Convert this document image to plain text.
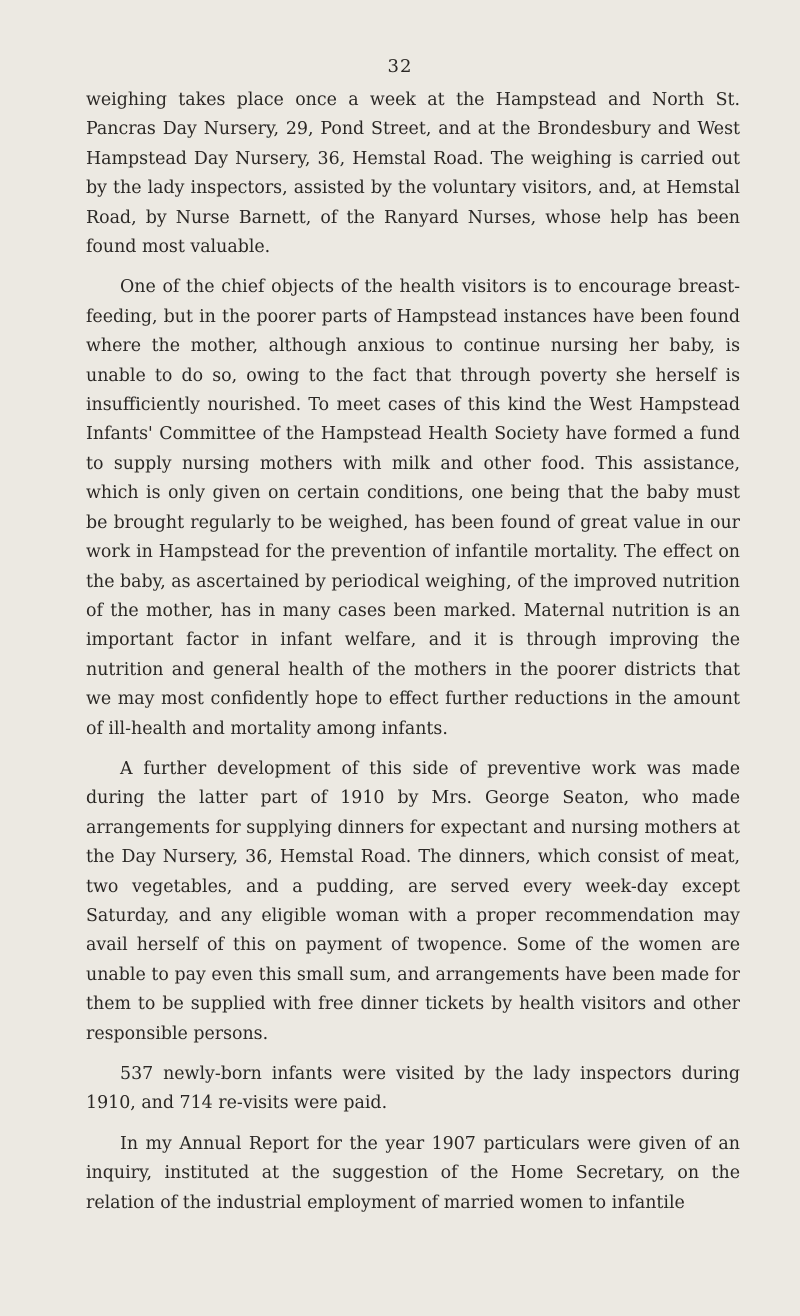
32

weighing takes place once a week at the Hampstead and North St. Pancras Day Nursery, 29, Pond Street, and at the Brondesbury and West Hampstead Day Nursery, 36, Hemstal Road. The weighing is carried out by the lady inspectors, assisted by the voluntary visitors, and, at Hemstal Road, by Nurse Barnett, of the Ranyard Nurses, whose help has been found most valuable.

One of the chief objects of the health visitors is to encourage breast-feeding, but in the poorer parts of Hampstead instances have been found where the mother, although anxious to continue nursing her baby, is unable to do so, owing to the fact that through poverty she herself is insufficiently nourished. To meet cases of this kind the West Hampstead Infants' Committee of the Hampstead Health Society have formed a fund to supply nursing mothers with milk and other food. This assistance, which is only given on certain conditions, one being that the baby must be brought regularly to be weighed, has been found of great value in our work in Hampstead for the prevention of infantile mortality. The effect on the baby, as ascertained by periodical weighing, of the improved nutrition of the mother, has in many cases been marked. Maternal nutrition is an important factor in infant welfare, and it is through improving the nutrition and general health of the mothers in the poorer districts that we may most confidently hope to effect further reductions in the amount of ill-health and mortality among infants.

A further development of this side of preventive work was made during the latter part of 1910 by Mrs. George Seaton, who made arrangements for supplying dinners for expectant and nursing mothers at the Day Nursery, 36, Hemstal Road. The dinners, which consist of meat, two vegetables, and a pudding, are served every week-day except Saturday, and any eligible woman with a proper recommendation may avail herself of this on payment of twopence. Some of the women are unable to pay even this small sum, and arrangements have been made for them to be supplied with free dinner tickets by health visitors and other responsible persons.

537 newly-born infants were visited by the lady inspectors during 1910, and 714 re-visits were paid.

In my Annual Report for the year 1907 particulars were given of an inquiry, instituted at the suggestion of the Home Secretary, on the relation of the industrial employment of married women to infantile
